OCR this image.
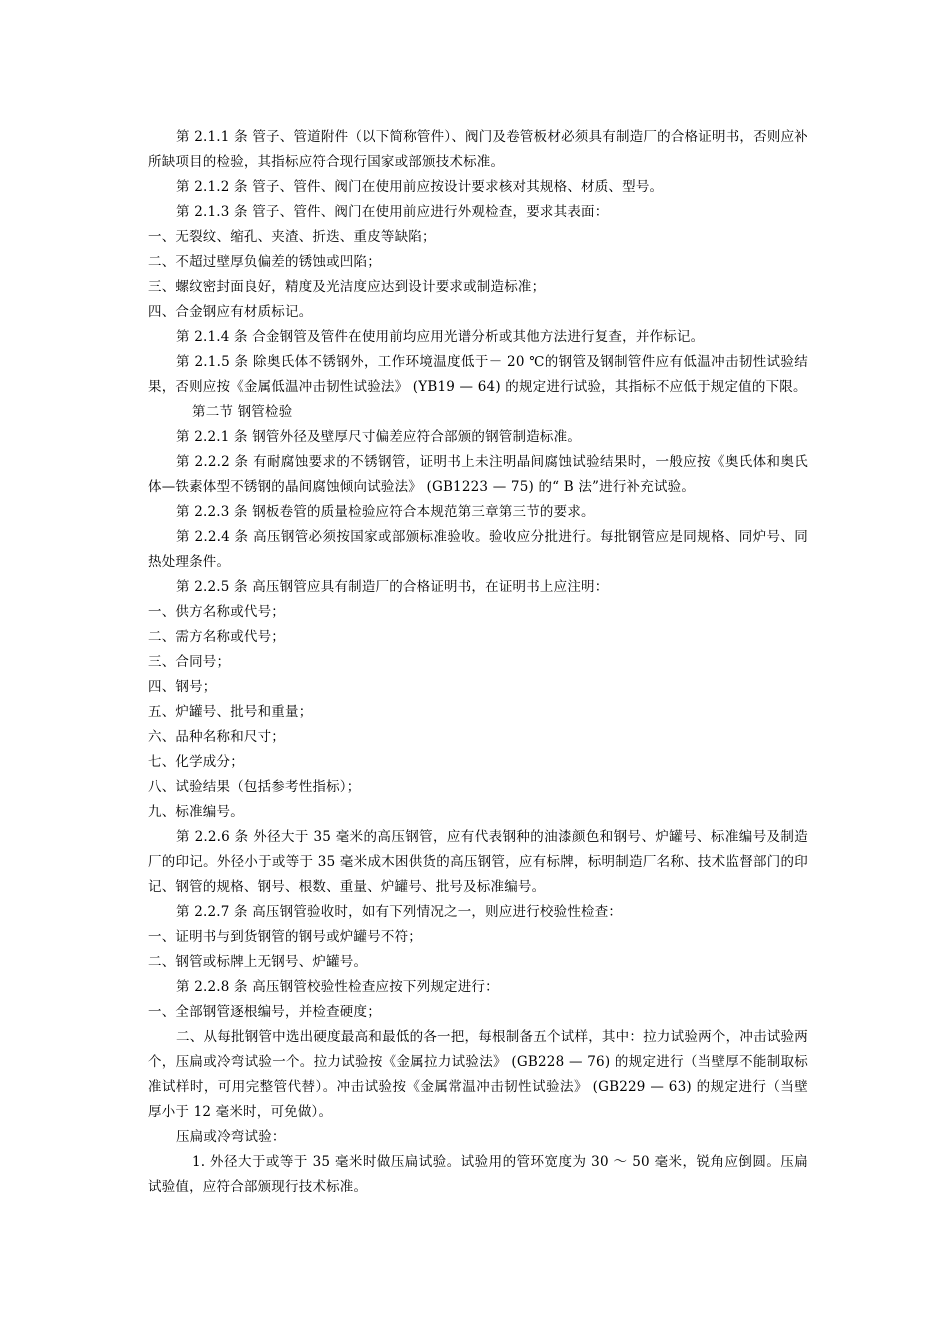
第 2.1.1 条 管子、管道附件（以下简称管件）、阀门及卷管板材必须具有制造厂的合格证明书，否则应补所缺项目的检验，其指标应符合现行国家或部颁技术标准。

第 2.1.2 条 管子、管件、阀门在使用前应按设计要求核对其规格、材质、型号。

第 2.1.3 条 管子、管件、阀门在使用前应进行外观检查，要求其表面：

一、无裂纹、缩孔、夹渣、折迭、重皮等缺陷；

二、不超过壁厚负偏差的锈蚀或凹陷；

三、螺纹密封面良好，精度及光洁度应达到设计要求或制造标准；

四、合金钢应有材质标记。

第 2.1.4 条 合金钢管及管件在使用前均应用光谱分析或其他方法进行复查，并作标记。

第 2.1.5 条 除奥氏体不锈钢外，工作环境温度低于－ 20 ℃的钢管及钢制管件应有低温冲击韧性试验结果，否则应按《金属低温冲击韧性试验法》 (YB19 — 64) 的规定进行试验，其指标不应低于规定值的下限。

第二节 钢管检验

第 2.2.1 条 钢管外径及壁厚尺寸偏差应符合部颁的钢管制造标准。

第 2.2.2 条 有耐腐蚀要求的不锈钢管，证明书上未注明晶间腐蚀试验结果时，一般应按《奥氏体和奥氏体—铁素体型不锈钢的晶间腐蚀倾向试验法》 (GB1223 — 75) 的“ B 法”进行补充试验。

第 2.2.3 条 钢板卷管的质量检验应符合本规范第三章第三节的要求。

第 2.2.4 条 高压钢管必须按国家或部颁标准验收。验收应分批进行。每批钢管应是同规格、同炉号、同热处理条件。

第 2.2.5 条 高压钢管应具有制造厂的合格证明书，在证明书上应注明：

一、供方名称或代号；

二、需方名称或代号；

三、合同号；

四、钢号；

五、炉罐号、批号和重量；

六、品种名称和尺寸；

七、化学成分；

八、试验结果（包括参考性指标）；

九、标准编号。

第 2.2.6 条 外径大于 35 毫米的高压钢管，应有代表钢种的油漆颜色和钢号、炉罐号、标准编号及制造厂的印记。外径小于或等于 35 毫米成木困供货的高压钢管，应有标牌，标明制造厂名称、技术监督部门的印记、钢管的规格、钢号、根数、重量、炉罐号、批号及标准编号。

第 2.2.7 条 高压钢管验收时，如有下列情况之一，则应进行校验性检查：

一、证明书与到货钢管的钢号或炉罐号不符；

二、钢管或标牌上无钢号、炉罐号。

第 2.2.8 条 高压钢管校验性检查应按下列规定进行：

一、全部钢管逐根编号，并检查硬度；

二、从每批钢管中选出硬度最高和最低的各一把，每根制备五个试样，其中：拉力试验两个，冲击试验两个，压扁或冷弯试验一个。拉力试验按《金属拉力试验法》 (GB228 — 76) 的规定进行（当壁厚不能制取标准试样时，可用完整管代替）。冲击试验按《金属常温冲击韧性试验法》 (GB229 — 63) 的规定进行（当壁厚小于 12 毫米时，可免做）。

压扁或冷弯试验：

1. 外径大于或等于 35 毫米时做压扁试验。试验用的管环宽度为 30 ～ 50 毫米，锐角应倒圆。压扁试验值，应符合部颁现行技术标准。
